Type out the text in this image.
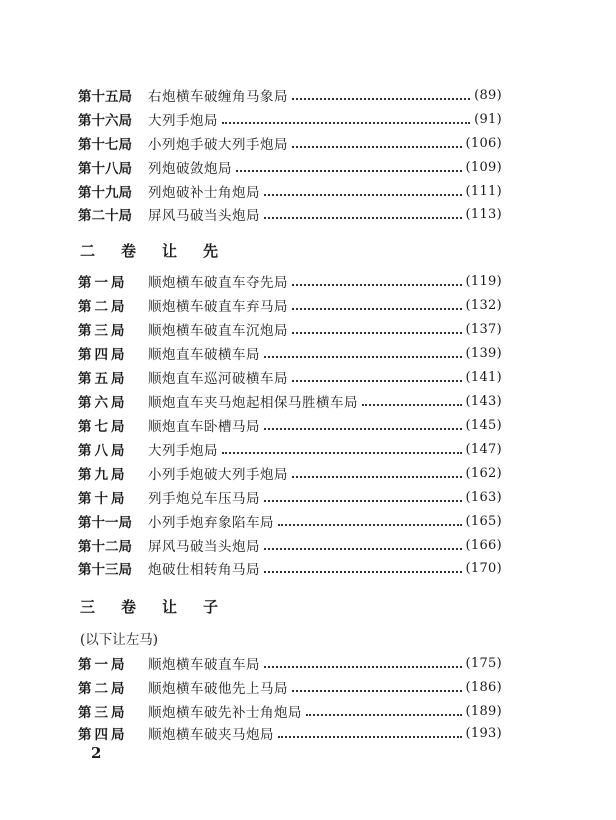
第十五局	右炮横车破缠角马象局	(89)
第十六局	大列手炮局	(91)
第十七局	小列炮手破大列手炮局	(106)
第十八局	列炮破敛炮局	(109)
第十九局	列炮破补士角炮局	(111)
第二十局	屏风马破当头炮局	(113)
二卷让先
第一局	顺炮横车破直车夺先局	(119)
第二局	顺炮横车破直车弃马局	(132)
第三局	顺炮横车破直车沉炮局	(137)
第四局	顺炮直车破横车局	(139)
第五局	顺炮直车巡河破横车局	(141)
第六局	顺炮直车夹马炮起相保马胜横车局	(143)
第七局	顺炮直车卧槽马局	(145)
第八局	大列手炮局	(147)
第九局	小列手炮破大列手炮局	(162)
第十局	列手炮兑车压马局	(163)
第十一局	小列手炮弃象陷车局	(165)
第十二局	屏风马破当头炮局	(166)
第十三局	炮破仕相转角马局	(170)
三卷让子
(以下让左马)
第一局	顺炮横车破直车局	(175)
第二局	顺炮横车破他先上马局	(186)
第三局	顺炮横车破先补士角炮局	(189)
第四局	顺炮横车破夹马炮局	(193)
2
